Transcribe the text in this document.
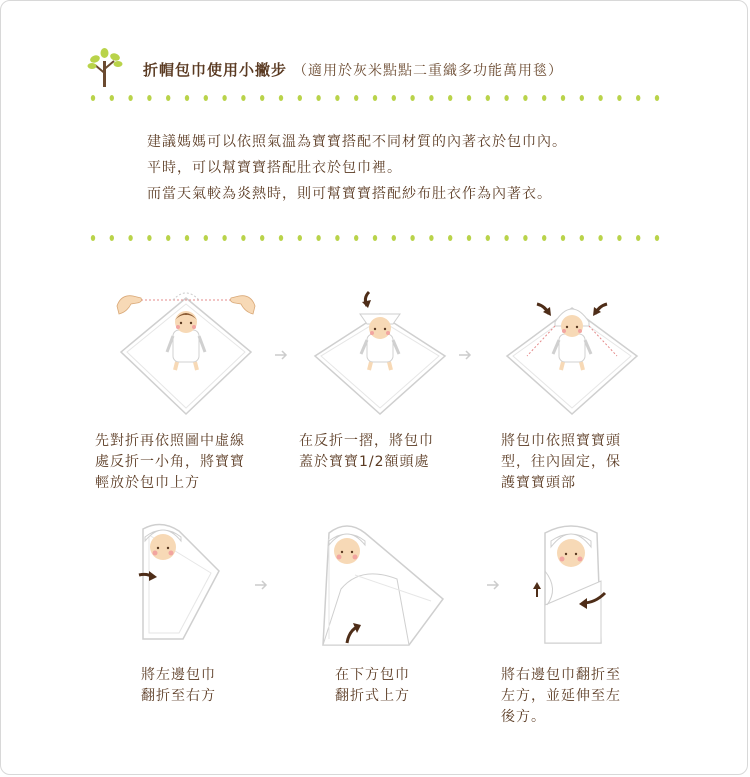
折帽包巾使用小撇步 （適用於灰米點點二重織多功能萬用毯）

建議媽媽可以依照氣溫為寶寶搭配不同材質的內著衣於包巾內。

平時，可以幫寶寶搭配肚衣於包巾裡。

而當天氣較為炎熱時，則可幫寶寶搭配紗布肚衣作為內著衣。

先對折再依照圖中虛線
處反折一小角，將寶寶
輕放於包巾上方
在反折一摺，將包巾
蓋於寶寶1/2額頭處
將包巾依照寶寶頭
型，往內固定，保
護寶寶頭部
將左邊包巾
翻折至右方
在下方包巾
翻折式上方
將右邊包巾翻折至
左方，並延伸至左
後方。
